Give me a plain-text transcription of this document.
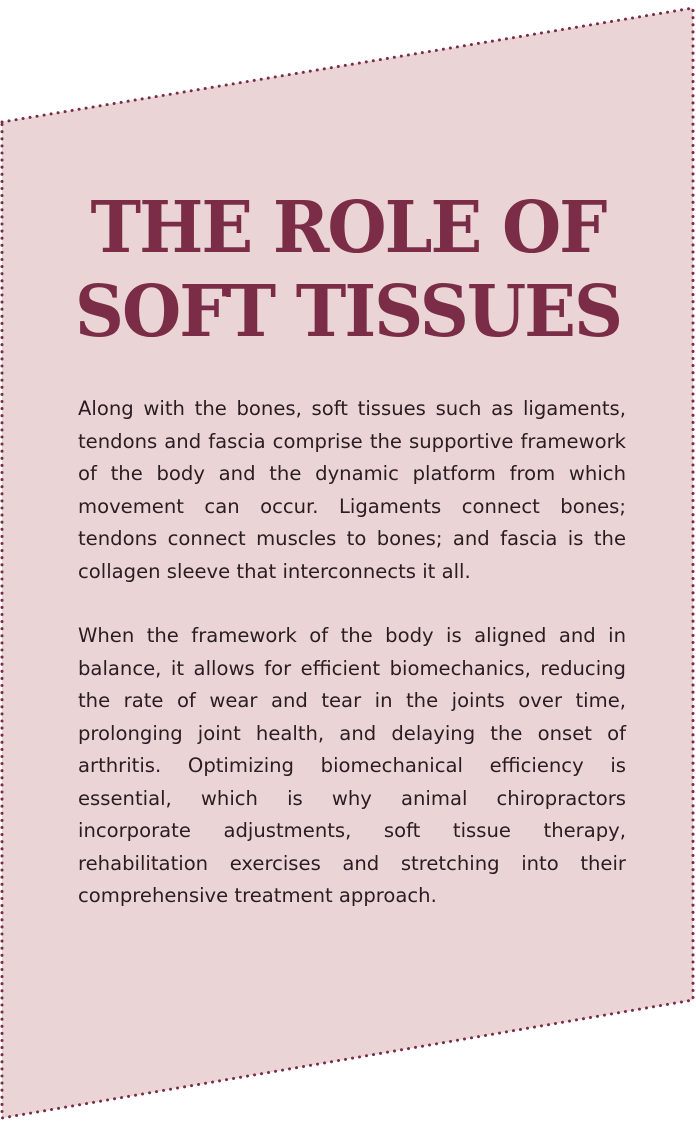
THE ROLE OF
SOFT TISSUES

Along with the bones, soft tissues such as ligaments, tendons and fascia comprise the supportive framework of the body and the dynamic platform from which movement can occur. Ligaments connect bones; tendons connect muscles to bones; and fascia is the collagen sleeve that interconnects it all.

When the framework of the body is aligned and in balance, it allows for efficient biomechanics, reducing the rate of wear and tear in the joints over time, prolonging joint health, and delaying the onset of arthritis. Optimizing biomechanical efficiency is essential, which is why animal chiropractors incorporate adjustments, soft tissue therapy, rehabilitation exercises and stretching into their comprehensive treatment approach.
